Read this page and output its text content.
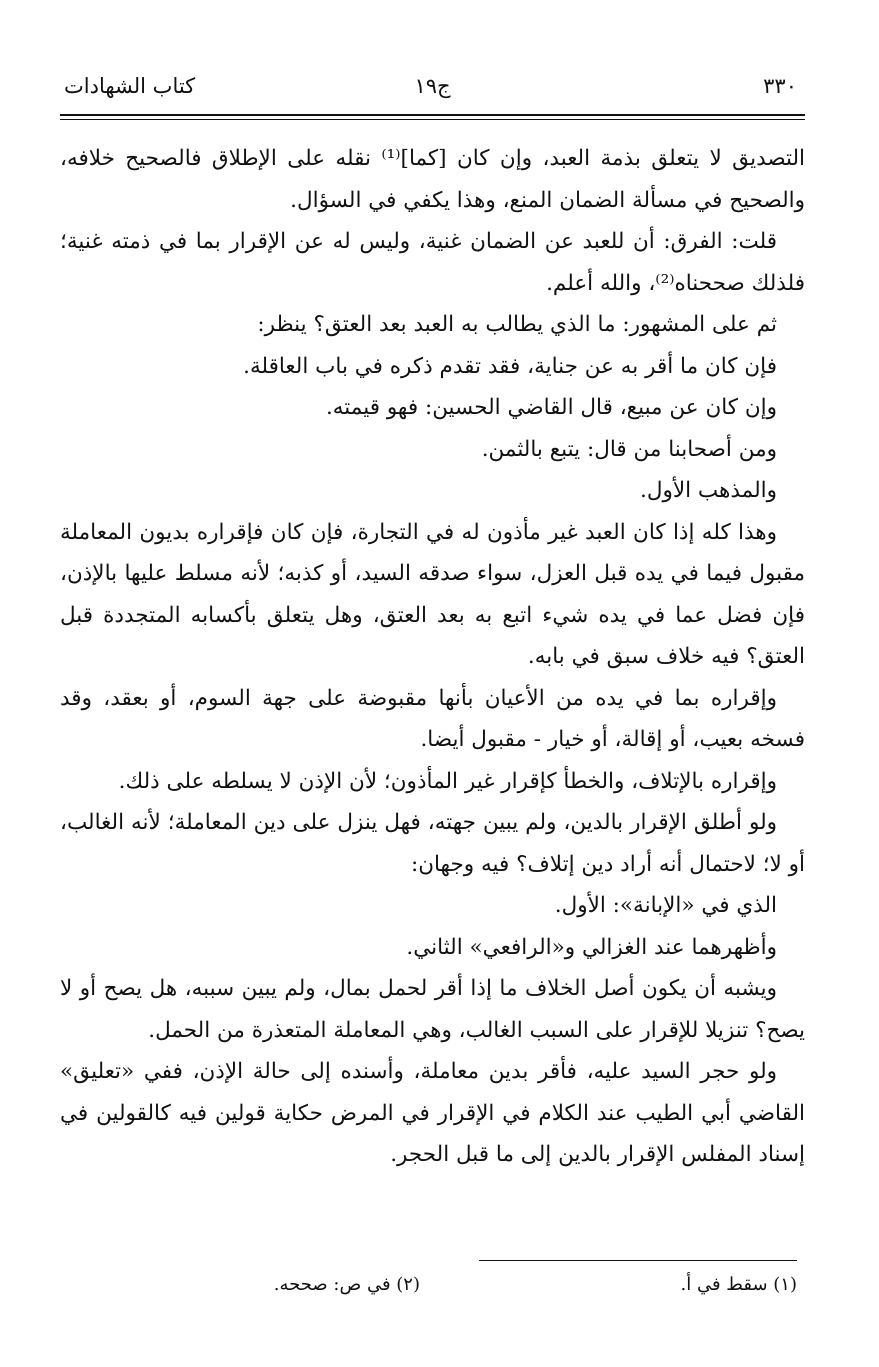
٣٣٠
ج١٩
كتاب الشهادات

التصديق لا يتعلق بذمة العبد، وإن كان [كما]⁽¹⁾ نقله على الإطلاق فالصحيح خلافه، والصحيح في مسألة الضمان المنع، وهذا يكفي في السؤال.

قلت: الفرق: أن للعبد عن الضمان غنية، وليس له عن الإقرار بما في ذمته غنية؛ فلذلك صححناه⁽²⁾، والله أعلم.

ثم على المشهور: ما الذي يطالب به العبد بعد العتق؟ ينظر:

فإن كان ما أقر به عن جناية، فقد تقدم ذكره في باب العاقلة.

وإن كان عن مبيع، قال القاضي الحسين: فهو قيمته.

ومن أصحابنا من قال: يتبع بالثمن.

والمذهب الأول.

وهذا كله إذا كان العبد غير مأذون له في التجارة، فإن كان فإقراره بديون المعاملة مقبول فيما في يده قبل العزل، سواء صدقه السيد، أو كذبه؛ لأنه مسلط عليها بالإذن، فإن فضل عما في يده شيء اتبع به بعد العتق، وهل يتعلق بأكسابه المتجددة قبل العتق؟ فيه خلاف سبق في بابه.

وإقراره بما في يده من الأعيان بأنها مقبوضة على جهة السوم، أو بعقد، وقد فسخه بعيب، أو إقالة، أو خيار - مقبول أيضا.

وإقراره بالإتلاف، والخطأ كإقرار غير المأذون؛ لأن الإذن لا يسلطه على ذلك.

ولو أطلق الإقرار بالدين، ولم يبين جهته، فهل ينزل على دين المعاملة؛ لأنه الغالب، أو لا؛ لاحتمال أنه أراد دين إتلاف؟ فيه وجهان:

الذي في «الإبانة»: الأول.

وأظهرهما عند الغزالي و«الرافعي» الثاني.

ويشبه أن يكون أصل الخلاف ما إذا أقر لحمل بمال، ولم يبين سببه، هل يصح أو لا يصح؟ تنزيلا للإقرار على السبب الغالب، وهي المعاملة المتعذرة من الحمل.

ولو حجر السيد عليه، فأقر بدين معاملة، وأسنده إلى حالة الإذن، ففي «تعليق» القاضي أبي الطيب عند الكلام في الإقرار في المرض حكاية قولين فيه كالقولين في إسناد المفلس الإقرار بالدين إلى ما قبل الحجر.

(١) سقط في أ.
(٢) في ص: صححه.
